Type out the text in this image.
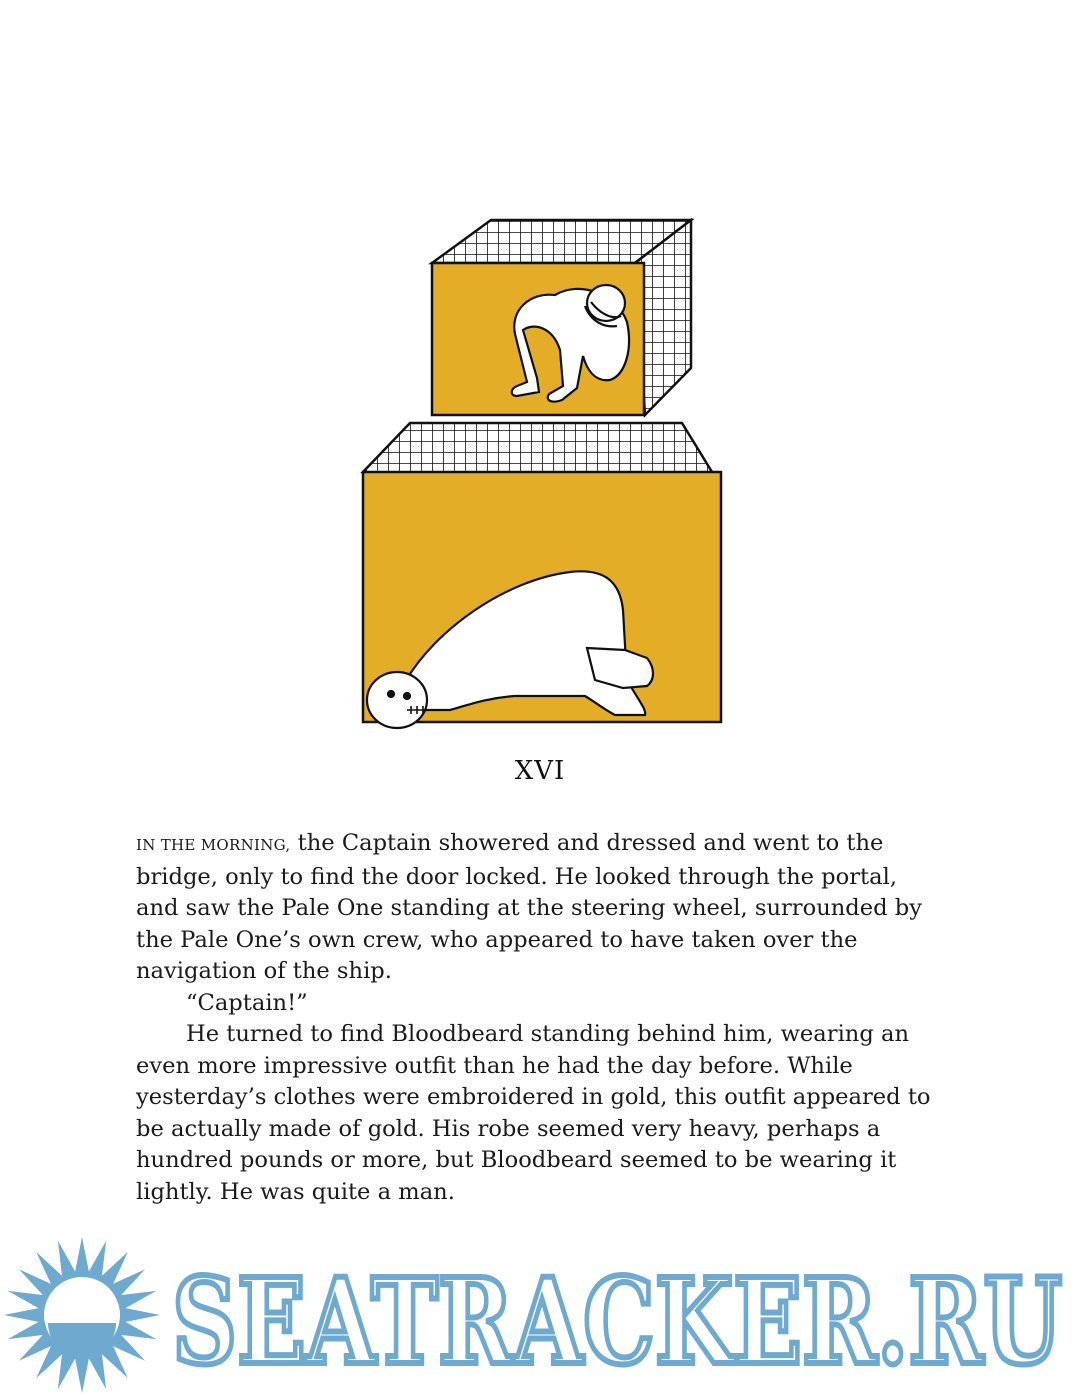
XVI

IN THE MORNING, the Captain showered and dressed and went to the bridge, only to find the door locked. He looked through the portal, and saw the Pale One standing at the steering wheel, surrounded by the Pale One’s own crew, who appeared to have taken over the navigation of the ship.

“Captain!”

He turned to find Bloodbeard standing behind him, wearing an even more impressive outfit than he had the day before. While yesterday’s clothes were embroidered in gold, this outfit appeared to be actually made of gold. His robe seemed very heavy, perhaps a hundred pounds or more, but Bloodbeard seemed to be wearing it lightly. He was quite a man.

SEATRACKER.RU
